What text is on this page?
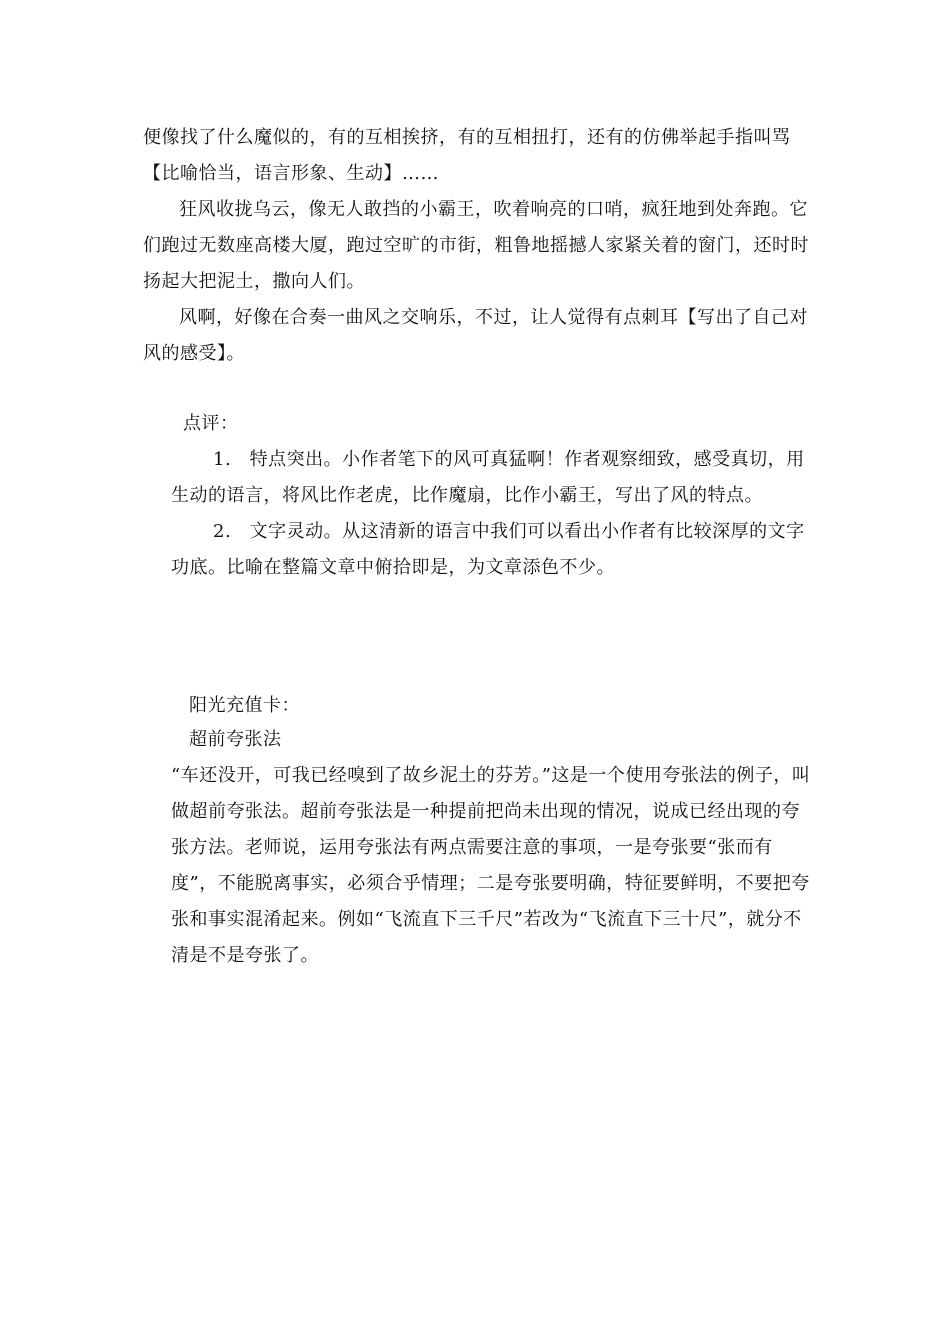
便像找了什么魔似的，有的互相挨挤，有的互相扭打，还有的仿佛举起手指叫骂

【比喻恰当，语言形象、生动】……

狂风收拢乌云，像无人敢挡的小霸王，吹着响亮的口哨，疯狂地到处奔跑。它们跑过无数座高楼大厦，跑过空旷的市街，粗鲁地摇撼人家紧关着的窗门，还时时扬起大把泥土，撒向人们。

风啊，好像在合奏一曲风之交响乐，不过，让人觉得有点刺耳【写出了自己对风的感受】。

点评：

1.　特点突出。小作者笔下的风可真猛啊！作者观察细致，感受真切，用生动的语言，将风比作老虎，比作魔扇，比作小霸王，写出了风的特点。

2.　文字灵动。从这清新的语言中我们可以看出小作者有比较深厚的文字功底。比喻在整篇文章中俯拾即是，为文章添色不少。

阳光充值卡：
超前夸张法
“车还没开，可我已经嗅到了故乡泥土的芬芳。”这是一个使用夸张法的例子，叫做超前夸张法。超前夸张法是一种提前把尚未出现的情况，说成已经出现的夸张方法。老师说，运用夸张法有两点需要注意的事项，一是夸张要“张而有度”，不能脱离事实，必须合乎情理；二是夸张要明确，特征要鲜明，不要把夸张和事实混淆起来。例如“飞流直下三千尺”若改为“飞流直下三十尺”，就分不清是不是夸张了。
